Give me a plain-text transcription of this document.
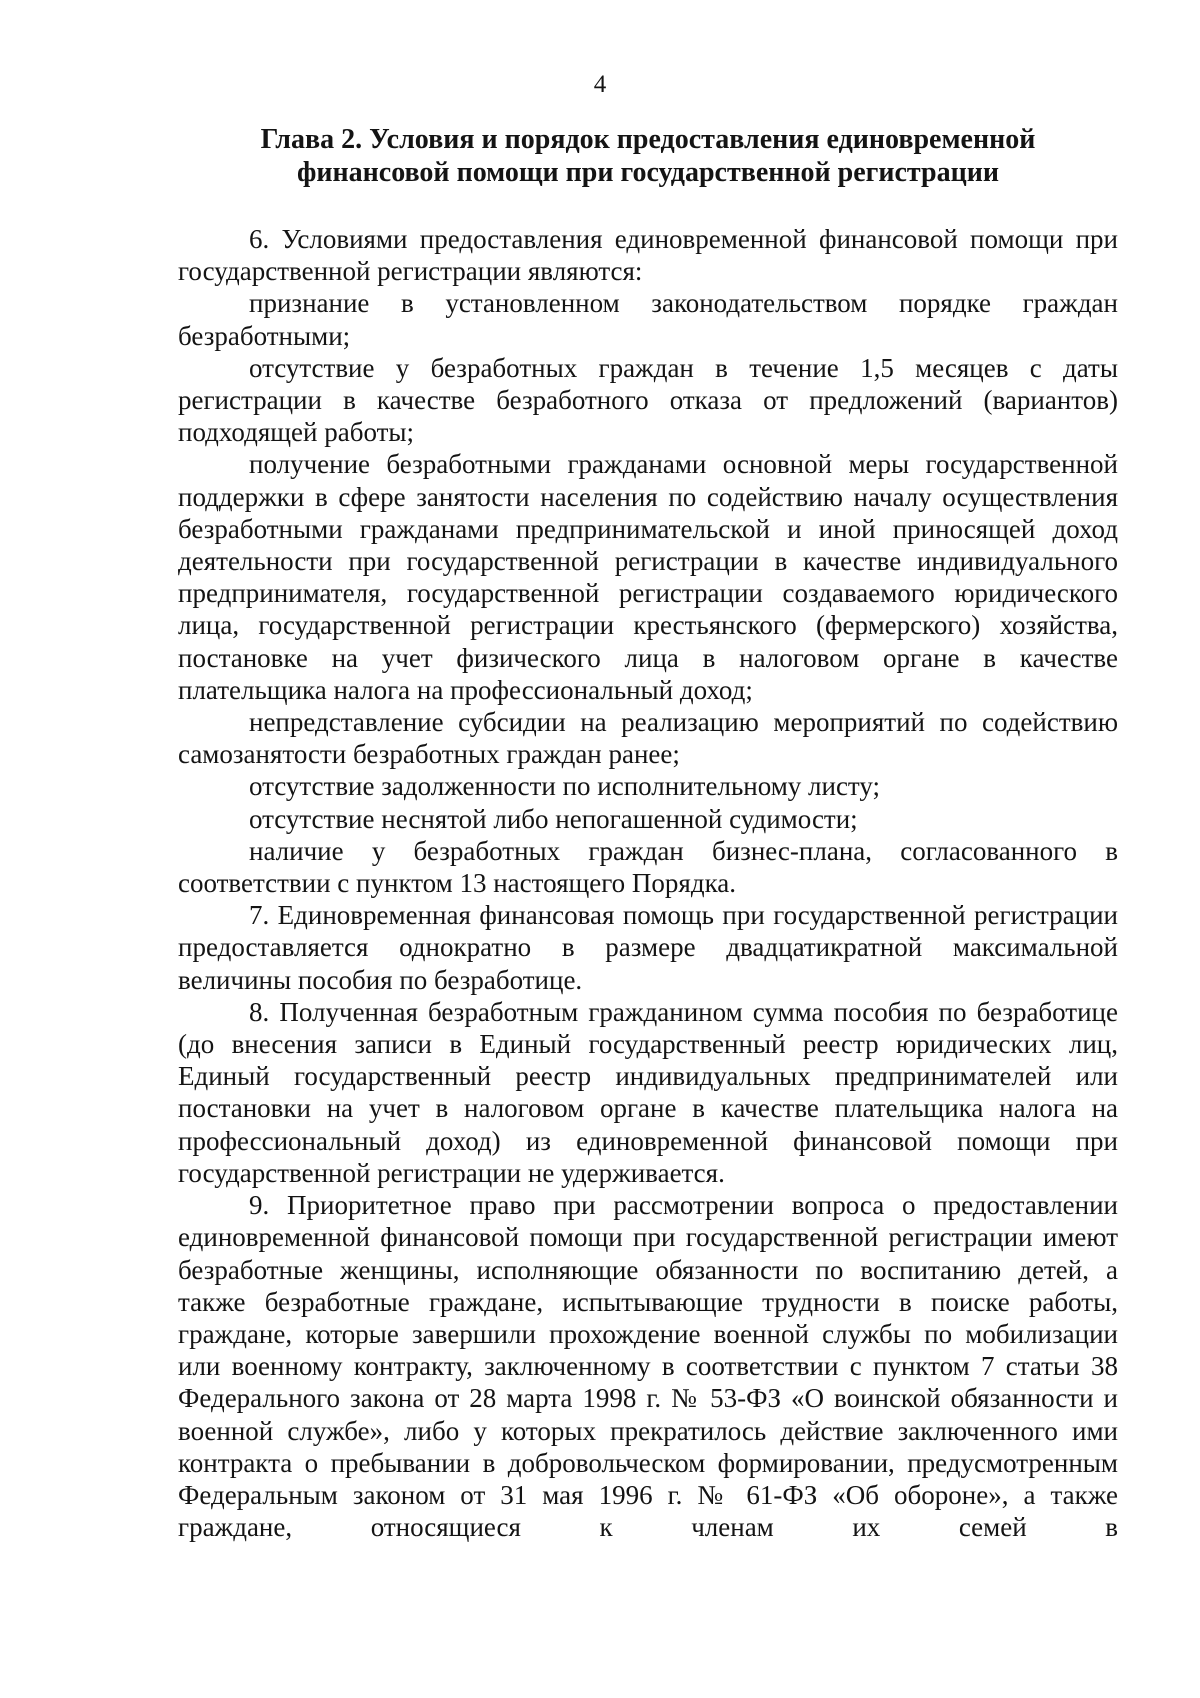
4
Глава 2. Условия и порядок предоставления единовременной
финансовой помощи при государственной регистрации

6. Условиями предоставления единовременной финансовой помощи при государственной регистрации являются:

признание в установленном законодательством порядке граждан безработными;

отсутствие у безработных граждан в течение 1,5 месяцев с даты регистрации в качестве безработного отказа от предложений (вариантов) подходящей работы;

получение безработными гражданами основной меры государственной поддержки в сфере занятости населения по содействию началу осуществления безработными гражданами предпринимательской и иной приносящей доход деятельности при государственной регистрации в качестве индивидуального предпринимателя, государственной регистрации создаваемого юридического лица, государственной регистрации крестьянского (фермерского) хозяйства, постановке на учет физического лица в налоговом органе в качестве плательщика налога на профессиональный доход;

непредставление субсидии на реализацию мероприятий по содействию самозанятости безработных граждан ранее;

отсутствие задолженности по исполнительному листу;

отсутствие неснятой либо непогашенной судимости;

наличие у безработных граждан бизнес-плана, согласованного в соответствии с пунктом 13 настоящего Порядка.

7. Единовременная финансовая помощь при государственной регистрации предоставляется однократно в размере двадцатикратной максимальной величины пособия по безработице.

8. Полученная безработным гражданином сумма пособия по безработице (до внесения записи в Единый государственный реестр юридических лиц, Единый государственный реестр индивидуальных предпринимателей или постановки на учет в налоговом органе в качестве плательщика налога на профессиональный доход) из единовременной финансовой помощи при государственной регистрации не удерживается.

9. Приоритетное право при рассмотрении вопроса о предоставлении единовременной финансовой помощи при государственной регистрации имеют безработные женщины, исполняющие обязанности по воспитанию детей, а также безработные граждане, испытывающие трудности в поиске работы, граждане, которые завершили прохождение военной службы по мобилизации или военному контракту, заключенному в соответствии с пунктом 7 статьи 38 Федерального закона от 28 марта 1998 г. № 53-ФЗ «О воинской обязанности и военной службе», либо у которых прекратилось действие заключенного ими контракта о пребывании в добровольческом формировании, предусмотренным Федеральным законом от 31 мая 1996 г. № 61-ФЗ «Об обороне», а также граждане, относящиеся к членам их семей в
